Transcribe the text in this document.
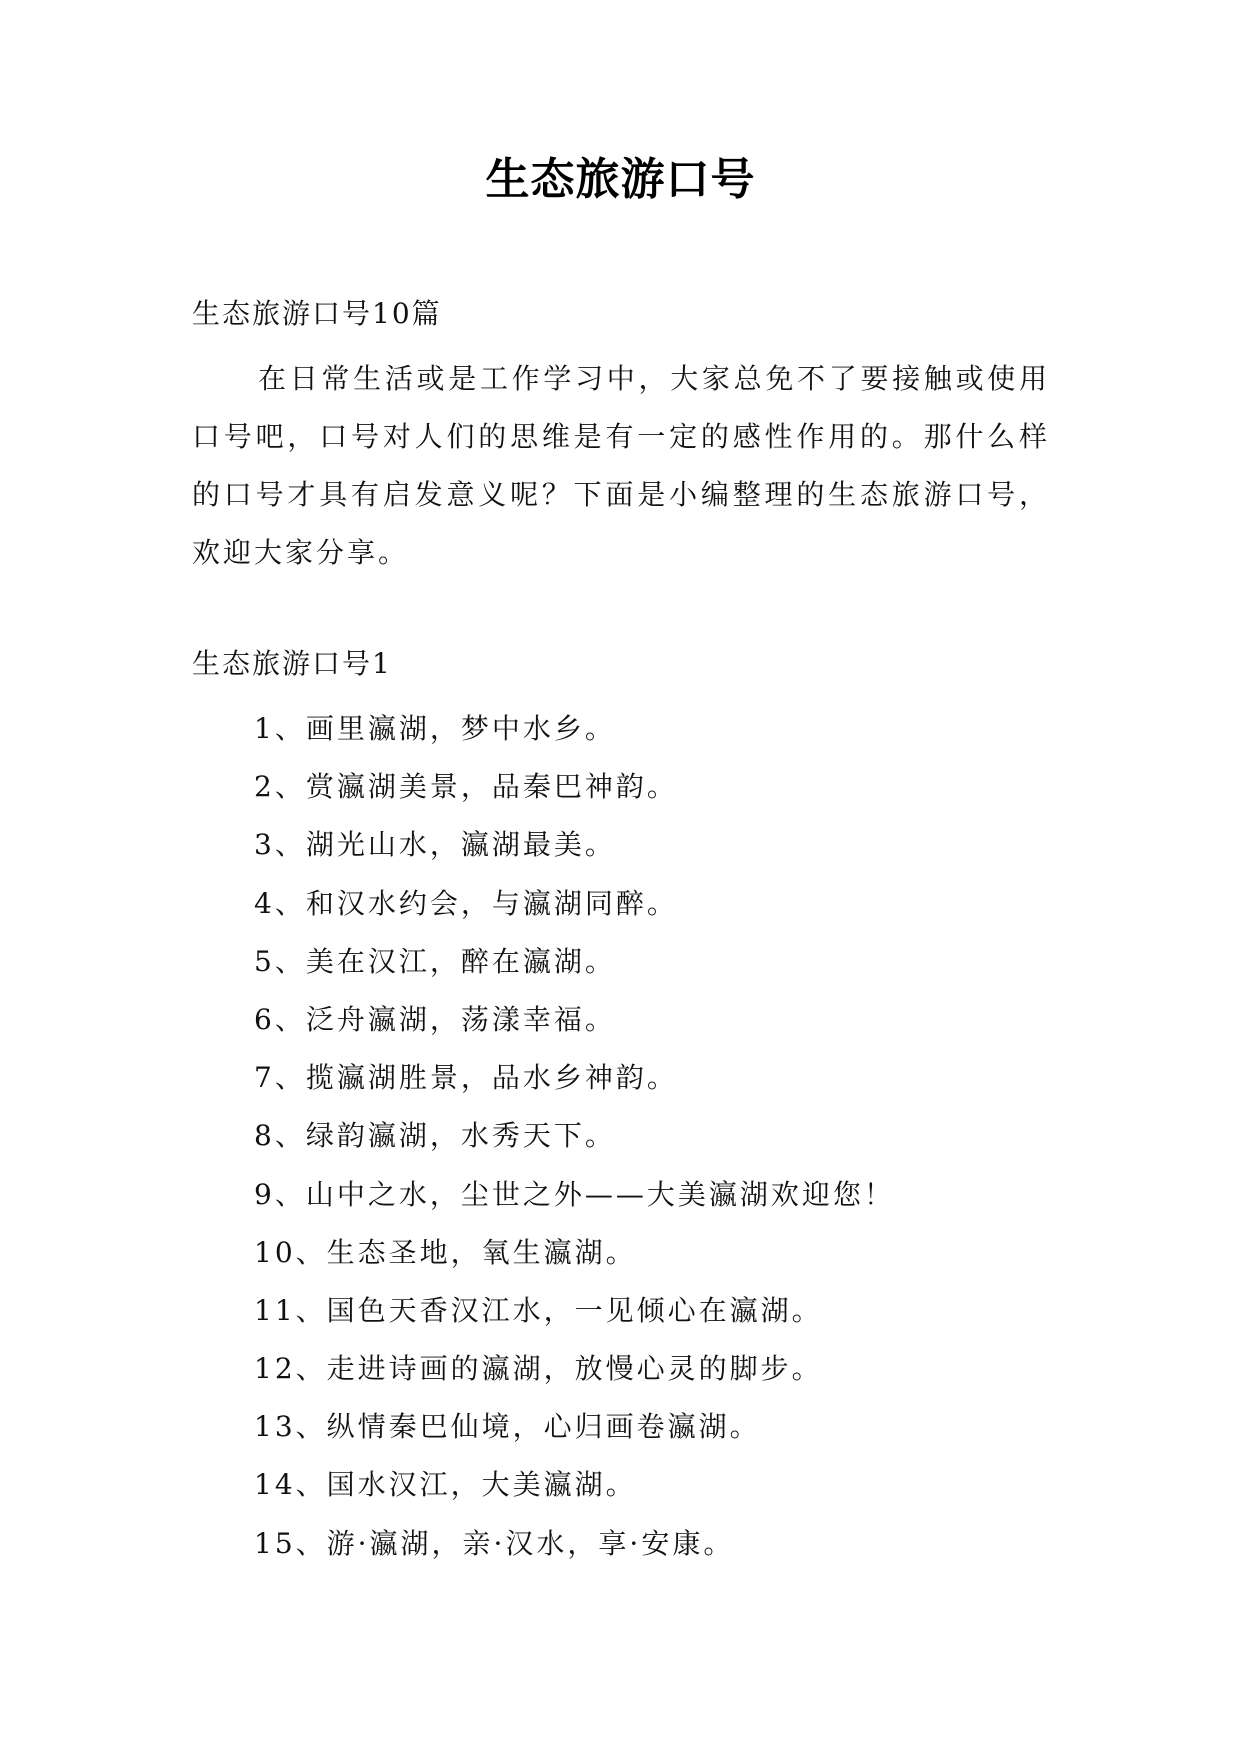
生态旅游口号
生态旅游口号10篇

在日常生活或是工作学习中，大家总免不了要接触或使用口号吧，口号对人们的思维是有一定的感性作用的。那什么样的口号才具有启发意义呢？下面是小编整理的生态旅游口号，欢迎大家分享。

生态旅游口号1
1、画里瀛湖，梦中水乡。
2、赏瀛湖美景，品秦巴神韵。
3、湖光山水，瀛湖最美。
4、和汉水约会，与瀛湖同醉。
5、美在汉江，醉在瀛湖。
6、泛舟瀛湖，荡漾幸福。
7、揽瀛湖胜景，品水乡神韵。
8、绿韵瀛湖，水秀天下。
9、山中之水，尘世之外——大美瀛湖欢迎您！
10、生态圣地，氧生瀛湖。
11、国色天香汉江水，一见倾心在瀛湖。
12、走进诗画的瀛湖，放慢心灵的脚步。
13、纵情秦巴仙境，心归画卷瀛湖。
14、国水汉江，大美瀛湖。
15、游·瀛湖，亲·汉水，享·安康。
